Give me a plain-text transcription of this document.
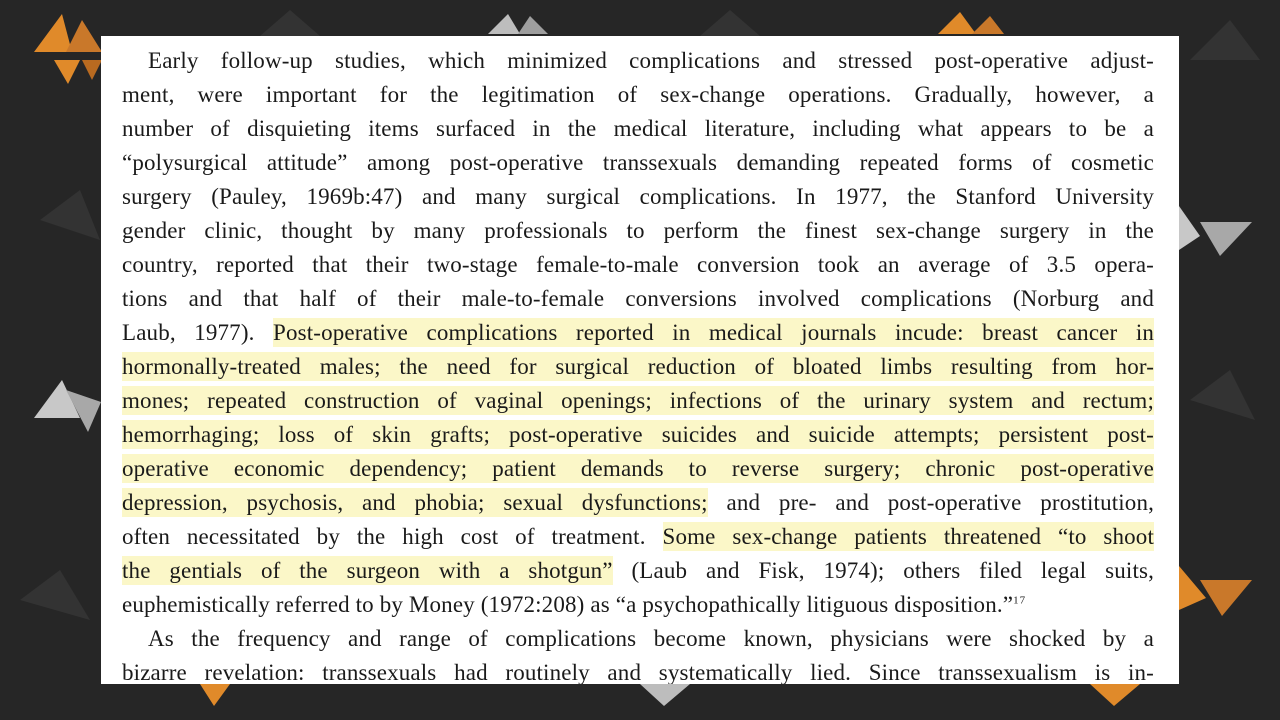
Early follow-up studies, which minimized complications and stressed post-operative adjust-
ment, were important for the legitimation of sex-change operations. Gradually, however, a
number of disquieting items surfaced in the medical literature, including what appears to be a
“polysurgical attitude” among post-operative transsexuals demanding repeated forms of cosmetic
surgery (Pauley, 1969b:47) and many surgical complications. In 1977, the Stanford University
gender clinic, thought by many professionals to perform the finest sex-change surgery in the
country, reported that their two-stage female-to-male conversion took an average of 3.5 opera-
tions and that half of their male-to-female conversions involved complications (Norburg and
Laub, 1977). Post-operative complications reported in medical journals incude: breast cancer in
hormonally-treated males; the need for surgical reduction of bloated limbs resulting from hor-
mones; repeated construction of vaginal openings; infections of the urinary system and rectum;
hemorrhaging; loss of skin grafts; post-operative suicides and suicide attempts; persistent post-
operative economic dependency; patient demands to reverse surgery; chronic post-operative
depression, psychosis, and phobia; sexual dysfunctions; and pre- and post-operative prostitution,
often necessitated by the high cost of treatment. Some sex-change patients threatened “to shoot
the gentials of the surgeon with a shotgun” (Laub and Fisk, 1974); others filed legal suits,
euphemistically referred to by Money (1972:208) as “a psychopathically litiguous disposition.”$^{17}$
As the frequency and range of complications become known, physicians were shocked by a
bizarre revelation: transsexuals had routinely and systematically lied. Since transsexualism is in-
